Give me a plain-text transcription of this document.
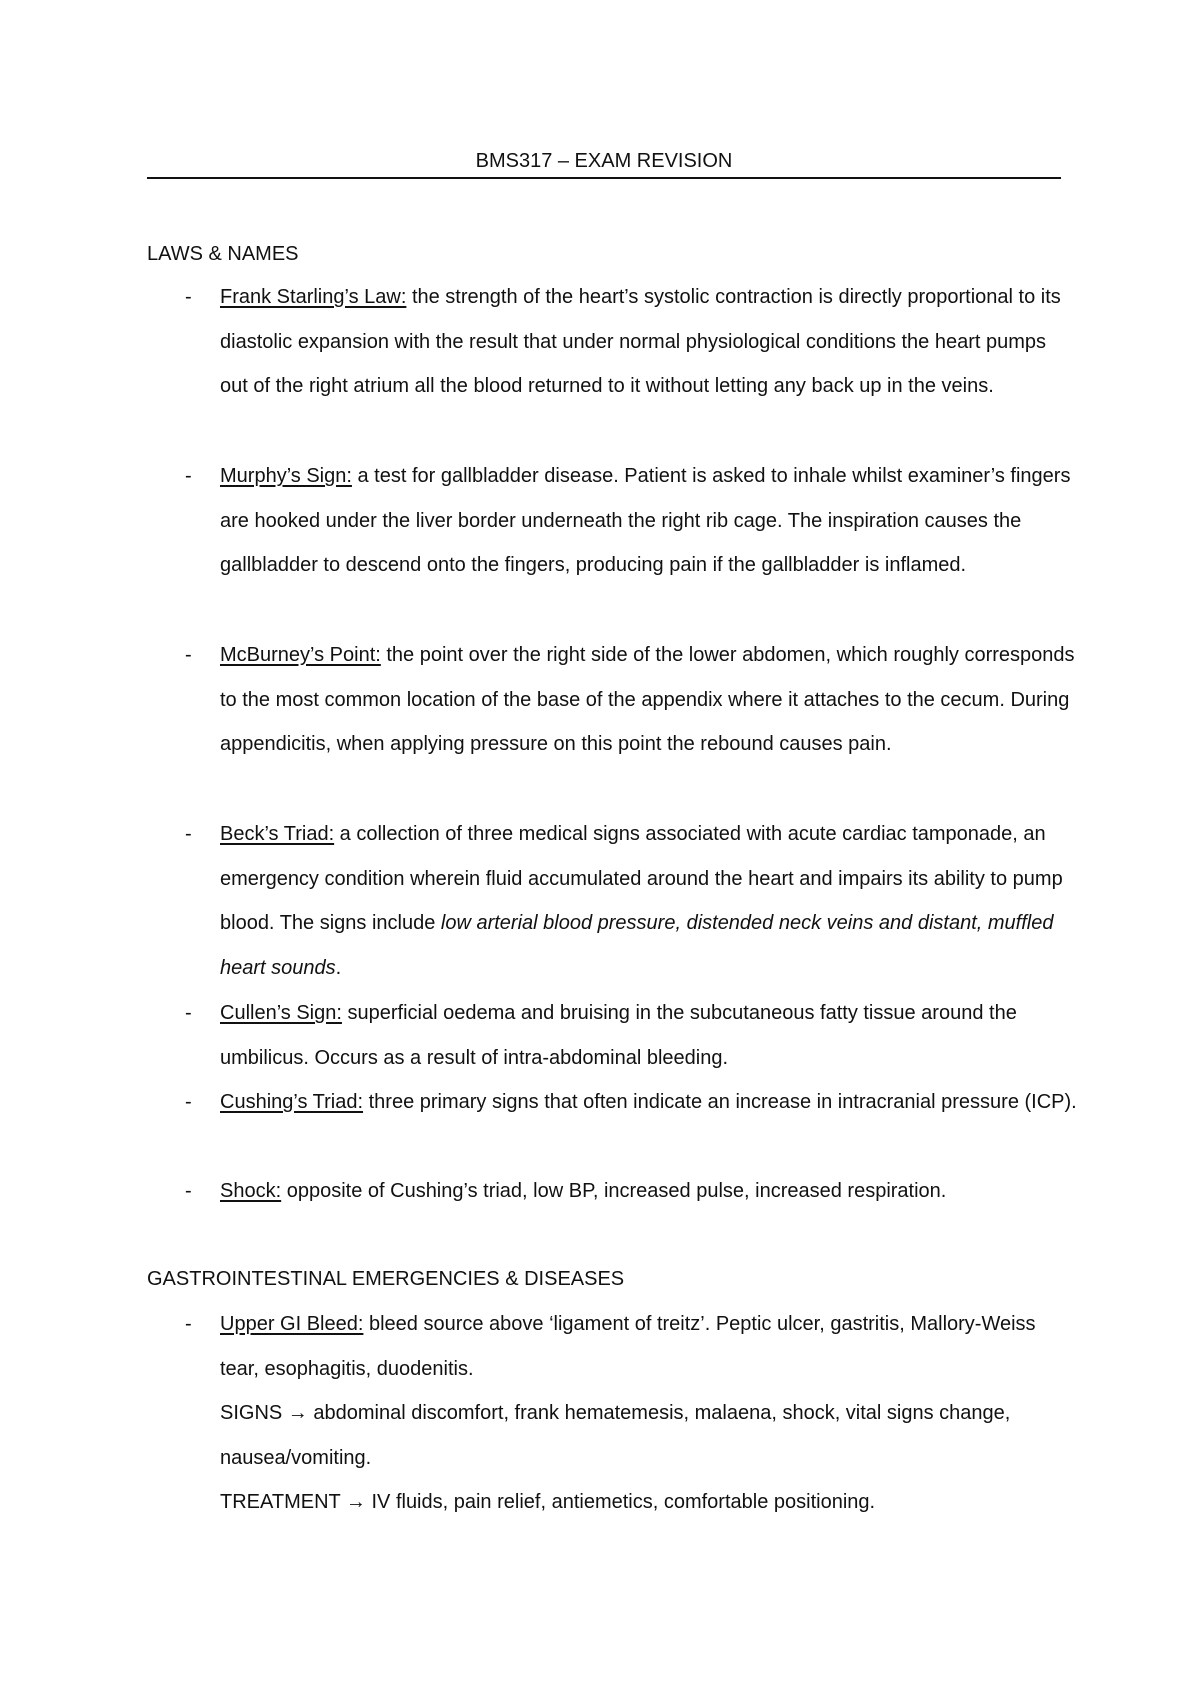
BMS317 – EXAM REVISION
LAWS & NAMES
- Frank Starling’s Law: the strength of the heart’s systolic contraction is directly proportional to its diastolic expansion with the result that under normal physiological conditions the heart pumps out of the right atrium all the blood returned to it without letting any back up in the veins.
- Murphy’s Sign: a test for gallbladder disease. Patient is asked to inhale whilst examiner’s fingers are hooked under the liver border underneath the right rib cage. The inspiration causes the gallbladder to descend onto the fingers, producing pain if the gallbladder is inflamed.
- McBurney’s Point: the point over the right side of the lower abdomen, which roughly corresponds to the most common location of the base of the appendix where it attaches to the cecum. During appendicitis, when applying pressure on this point the rebound causes pain.
- Beck’s Triad: a collection of three medical signs associated with acute cardiac tamponade, an emergency condition wherein fluid accumulated around the heart and impairs its ability to pump blood. The signs include low arterial blood pressure, distended neck veins and distant, muffled heart sounds.
- Cullen’s Sign: superficial oedema and bruising in the subcutaneous fatty tissue around the umbilicus. Occurs as a result of intra-abdominal bleeding.
- Cushing’s Triad: three primary signs that often indicate an increase in intracranial pressure (ICP).
- Shock: opposite of Cushing’s triad, low BP, increased pulse, increased respiration.
GASTROINTESTINAL EMERGENCIES & DISEASES
- Upper GI Bleed: bleed source above ‘ligament of treitz’. Peptic ulcer, gastritis, Mallory-Weiss tear, esophagitis, duodenitis.
SIGNS → abdominal discomfort, frank hematemesis, malaena, shock, vital signs change, nausea/vomiting.
TREATMENT → IV fluids, pain relief, antiemetics, comfortable positioning.
